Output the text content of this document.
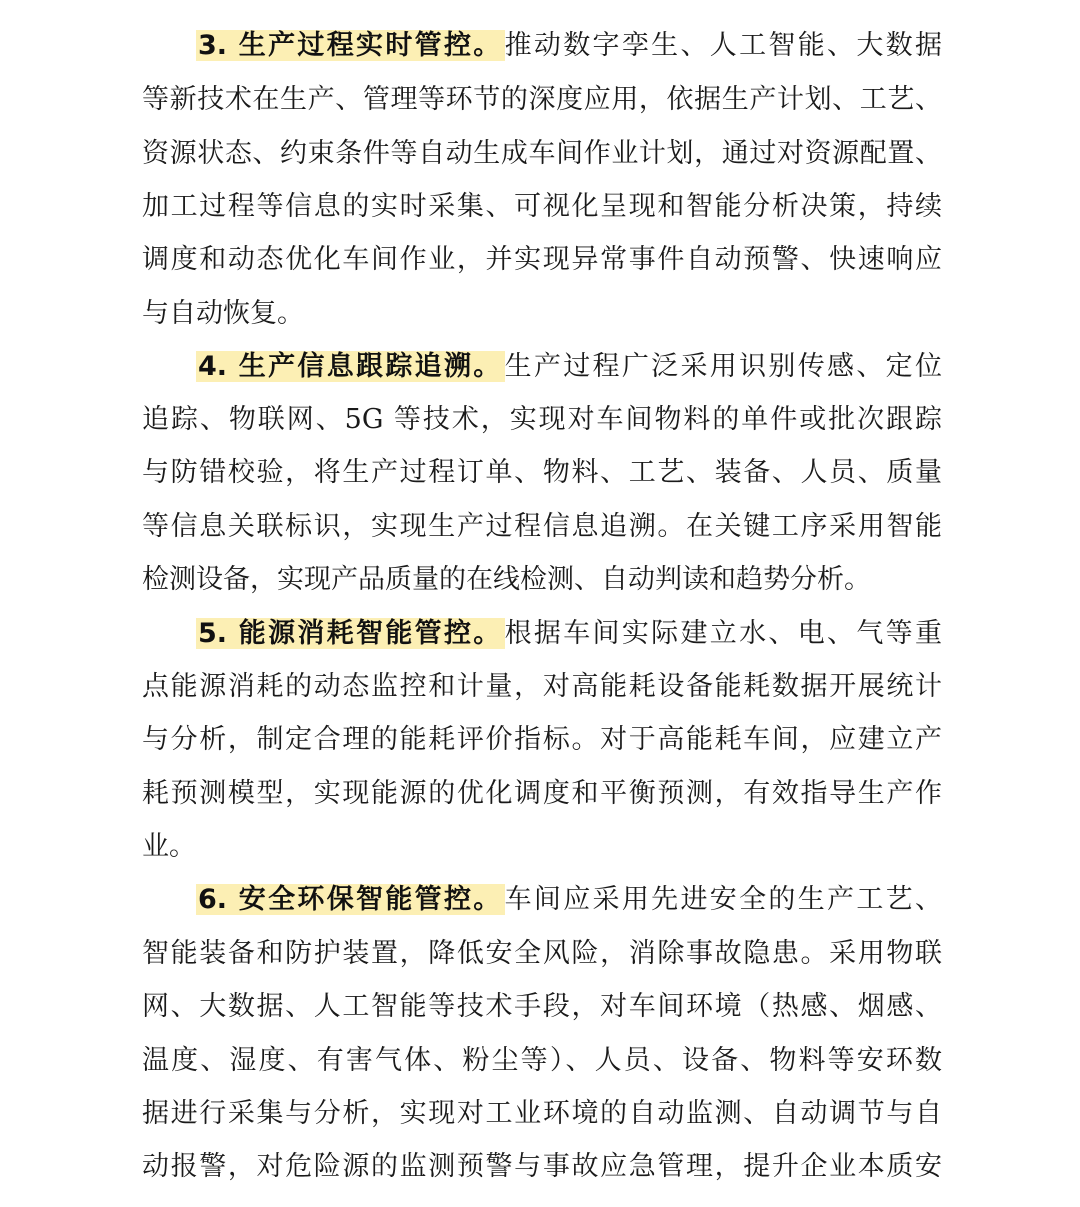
3. 生产过程实时管控。推动数字孪生、人工智能、大数据
等新技术在生产、管理等环节的深度应用，依据生产计划、工艺、
资源状态、约束条件等自动生成车间作业计划，通过对资源配置、
加工过程等信息的实时采集、可视化呈现和智能分析决策，持续
调度和动态优化车间作业，并实现异常事件自动预警、快速响应
与自动恢复。
4. 生产信息跟踪追溯。生产过程广泛采用识别传感、定位
追踪、物联网、5G 等技术，实现对车间物料的单件或批次跟踪
与防错校验，将生产过程订单、物料、工艺、装备、人员、质量
等信息关联标识，实现生产过程信息追溯。在关键工序采用智能
检测设备，实现产品质量的在线检测、自动判读和趋势分析。
5. 能源消耗智能管控。根据车间实际建立水、电、气等重
点能源消耗的动态监控和计量，对高能耗设备能耗数据开展统计
与分析，制定合理的能耗评价指标。对于高能耗车间，应建立产
耗预测模型，实现能源的优化调度和平衡预测，有效指导生产作
业。
6. 安全环保智能管控。车间应采用先进安全的生产工艺、
智能装备和防护装置，降低安全风险，消除事故隐患。采用物联
网、大数据、人工智能等技术手段，对车间环境（热感、烟感、
温度、湿度、有害气体、粉尘等）、人员、设备、物料等安环数
据进行采集与分析，实现对工业环境的自动监测、自动调节与自
动报警，对危险源的监测预警与事故应急管理，提升企业本质安
